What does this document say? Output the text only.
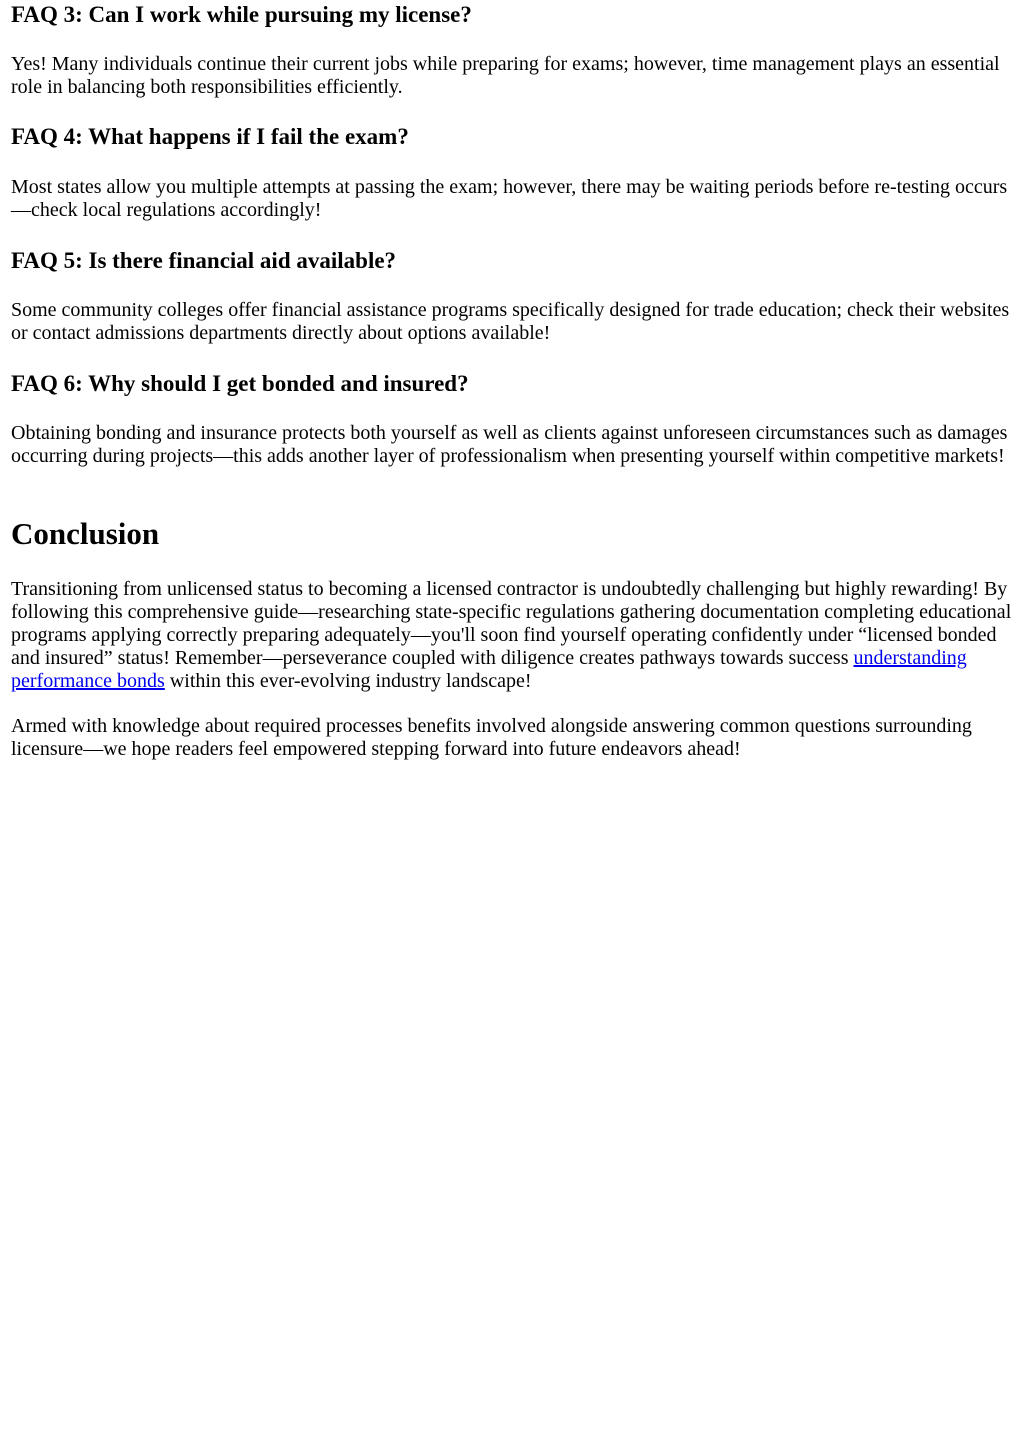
FAQ 3: Can I work while pursuing my license?

Yes! Many individuals continue their current jobs while preparing for exams; however, time management plays an essential role in balancing both responsibilities efficiently.

FAQ 4: What happens if I fail the exam?

Most states allow you multiple attempts at passing the exam; however, there may be waiting periods before re-testing occurs—check local regulations accordingly!

FAQ 5: Is there financial aid available?

Some community colleges offer financial assistance programs specifically designed for trade education; check their websites or contact admissions departments directly about options available!

FAQ 6: Why should I get bonded and insured?

Obtaining bonding and insurance protects both yourself as well as clients against unforeseen circumstances such as damages occurring during projects—this adds another layer of professionalism when presenting yourself within competitive markets!

Conclusion

Transitioning from unlicensed status to becoming a licensed contractor is undoubtedly challenging but highly rewarding! By following this comprehensive guide—researching state-specific regulations gathering documentation completing educational programs applying correctly preparing adequately—you'll soon find yourself operating confidently under “licensed bonded and insured” status! Remember—perseverance coupled with diligence creates pathways towards success understanding performance bonds within this ever-evolving industry landscape!

Armed with knowledge about required processes benefits involved alongside answering common questions surrounding licensure—we hope readers feel empowered stepping forward into future endeavors ahead!
